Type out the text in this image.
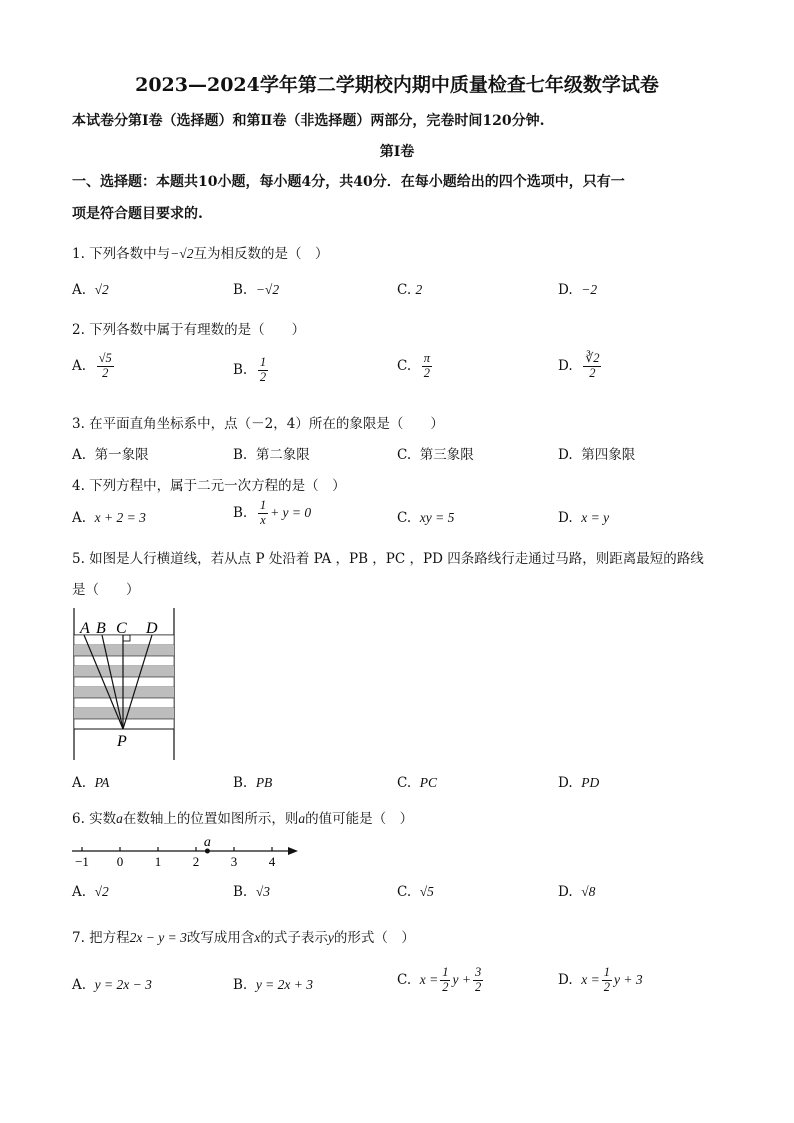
2023—2024学年第二学期校内期中质量检查七年级数学试卷
本试卷分第Ⅰ卷（选择题）和第Ⅱ卷（非选择题）两部分，完卷时间120分钟.
第Ⅰ卷
一、选择题：本题共10小题，每小题4分，共40分．在每小题给出的四个选项中，只有一
项是符合题目要求的.
1. 下列各数中与−√2互为相反数的是（　）
A. √2	B. −√2	C. 2	D. −2
2. 下列各数中属于有理数的是（　　）
A. $\frac{√5}{2}$	B. $\frac{1}{2}$	C. $\frac{\pi}{2}$	D. $\frac{∛2}{2}$
3. 在平面直角坐标系中，点（－2，4）所在的象限是（　　）
A. 第一象限	B. 第二象限	C. 第三象限	D. 第四象限
4. 下列方程中，属于二元一次方程的是（　）
A. x + 2 = 3	B. $\frac{1}{x} + y = 0$	C. xy = 5	D. x = y
5. 如图是人行横道线，若从点 P 处沿着 PA ，PB ，PC ，PD 四条路线行走通过马路，则距离最短的路线
是（　　）
A B C D
P
A. PA	B. PB	C. PC	D. PD
6. 实数a在数轴上的位置如图所示，则a的值可能是（　）
−1 0 1 2 3 4
a
A. √2	B. √3	C. √5	D. √8
7. 把方程2x − y = 3改写成用含x的式子表示y的形式（　）
A. y = 2x − 3	B. y = 2x + 3	C. $x = \frac{1}{2}$ $y + \frac{3}{2}$	D. $x = \frac{1}{2}$ y + 3
